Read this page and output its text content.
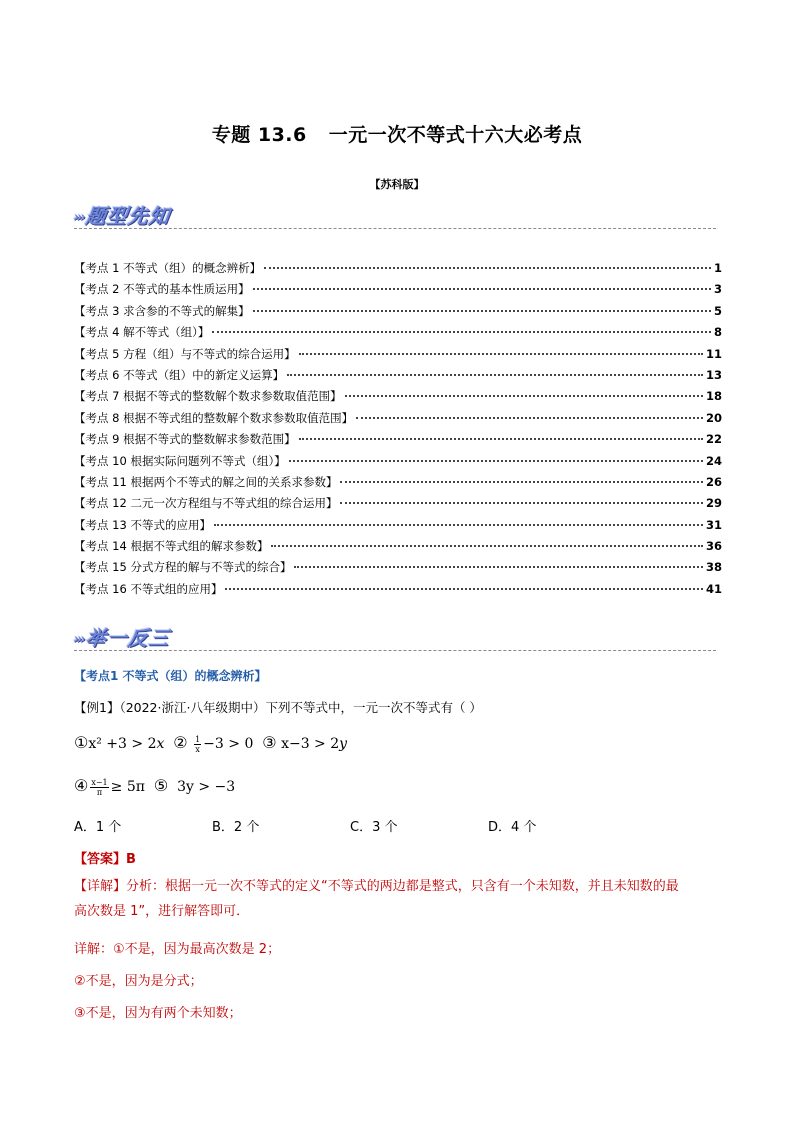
专题 13.6 一元一次不等式十六大必考点
【苏科版】
›››题型先知
【考点 1 不等式（组）的概念辨析】	1
【考点 2 不等式的基本性质运用】	3
【考点 3 求含参的不等式的解集】	5
【考点 4 解不等式（组）】	8
【考点 5 方程（组）与不等式的综合运用】	11
【考点 6 不等式（组）中的新定义运算】	13
【考点 7 根据不等式的整数解个数求参数取值范围】	18
【考点 8 根据不等式组的整数解个数求参数取值范围】	20
【考点 9 根据不等式的整数解求参数范围】	22
【考点 10 根据实际问题列不等式（组）】	24
【考点 11 根据两个不等式的解之间的关系求参数】	26
【考点 12 二元一次方程组与不等式组的综合运用】	29
【考点 13 不等式的应用】	31
【考点 14 根据不等式组的解求参数】	36
【考点 15 分式方程的解与不等式的综合】	38
【考点 16 不等式组的应用】	41
›››举一反三
【考点1 不等式（组）的概念辨析】
【例1】（2022·浙江·八年级期中）下列不等式中，一元一次不等式有（ ）
①x² +3 > 2𝑥 ② $\frac{1}{x} -3 > 0$ ③ x−3 > 2𝑦
④ $\frac{x-1}{\pi} \ge 5\pi$ ⑤ 3y > −3
A．1 个	B．2 个	C．3 个	D．4 个
【答案】B
【详解】分析：根据一元一次不等式的定义“不等式的两边都是整式，只含有一个未知数，并且未知数的最
高次数是 1”，进行解答即可．
详解：①不是，因为最高次数是 2；
②不是，因为是分式；
③不是，因为有两个未知数；
